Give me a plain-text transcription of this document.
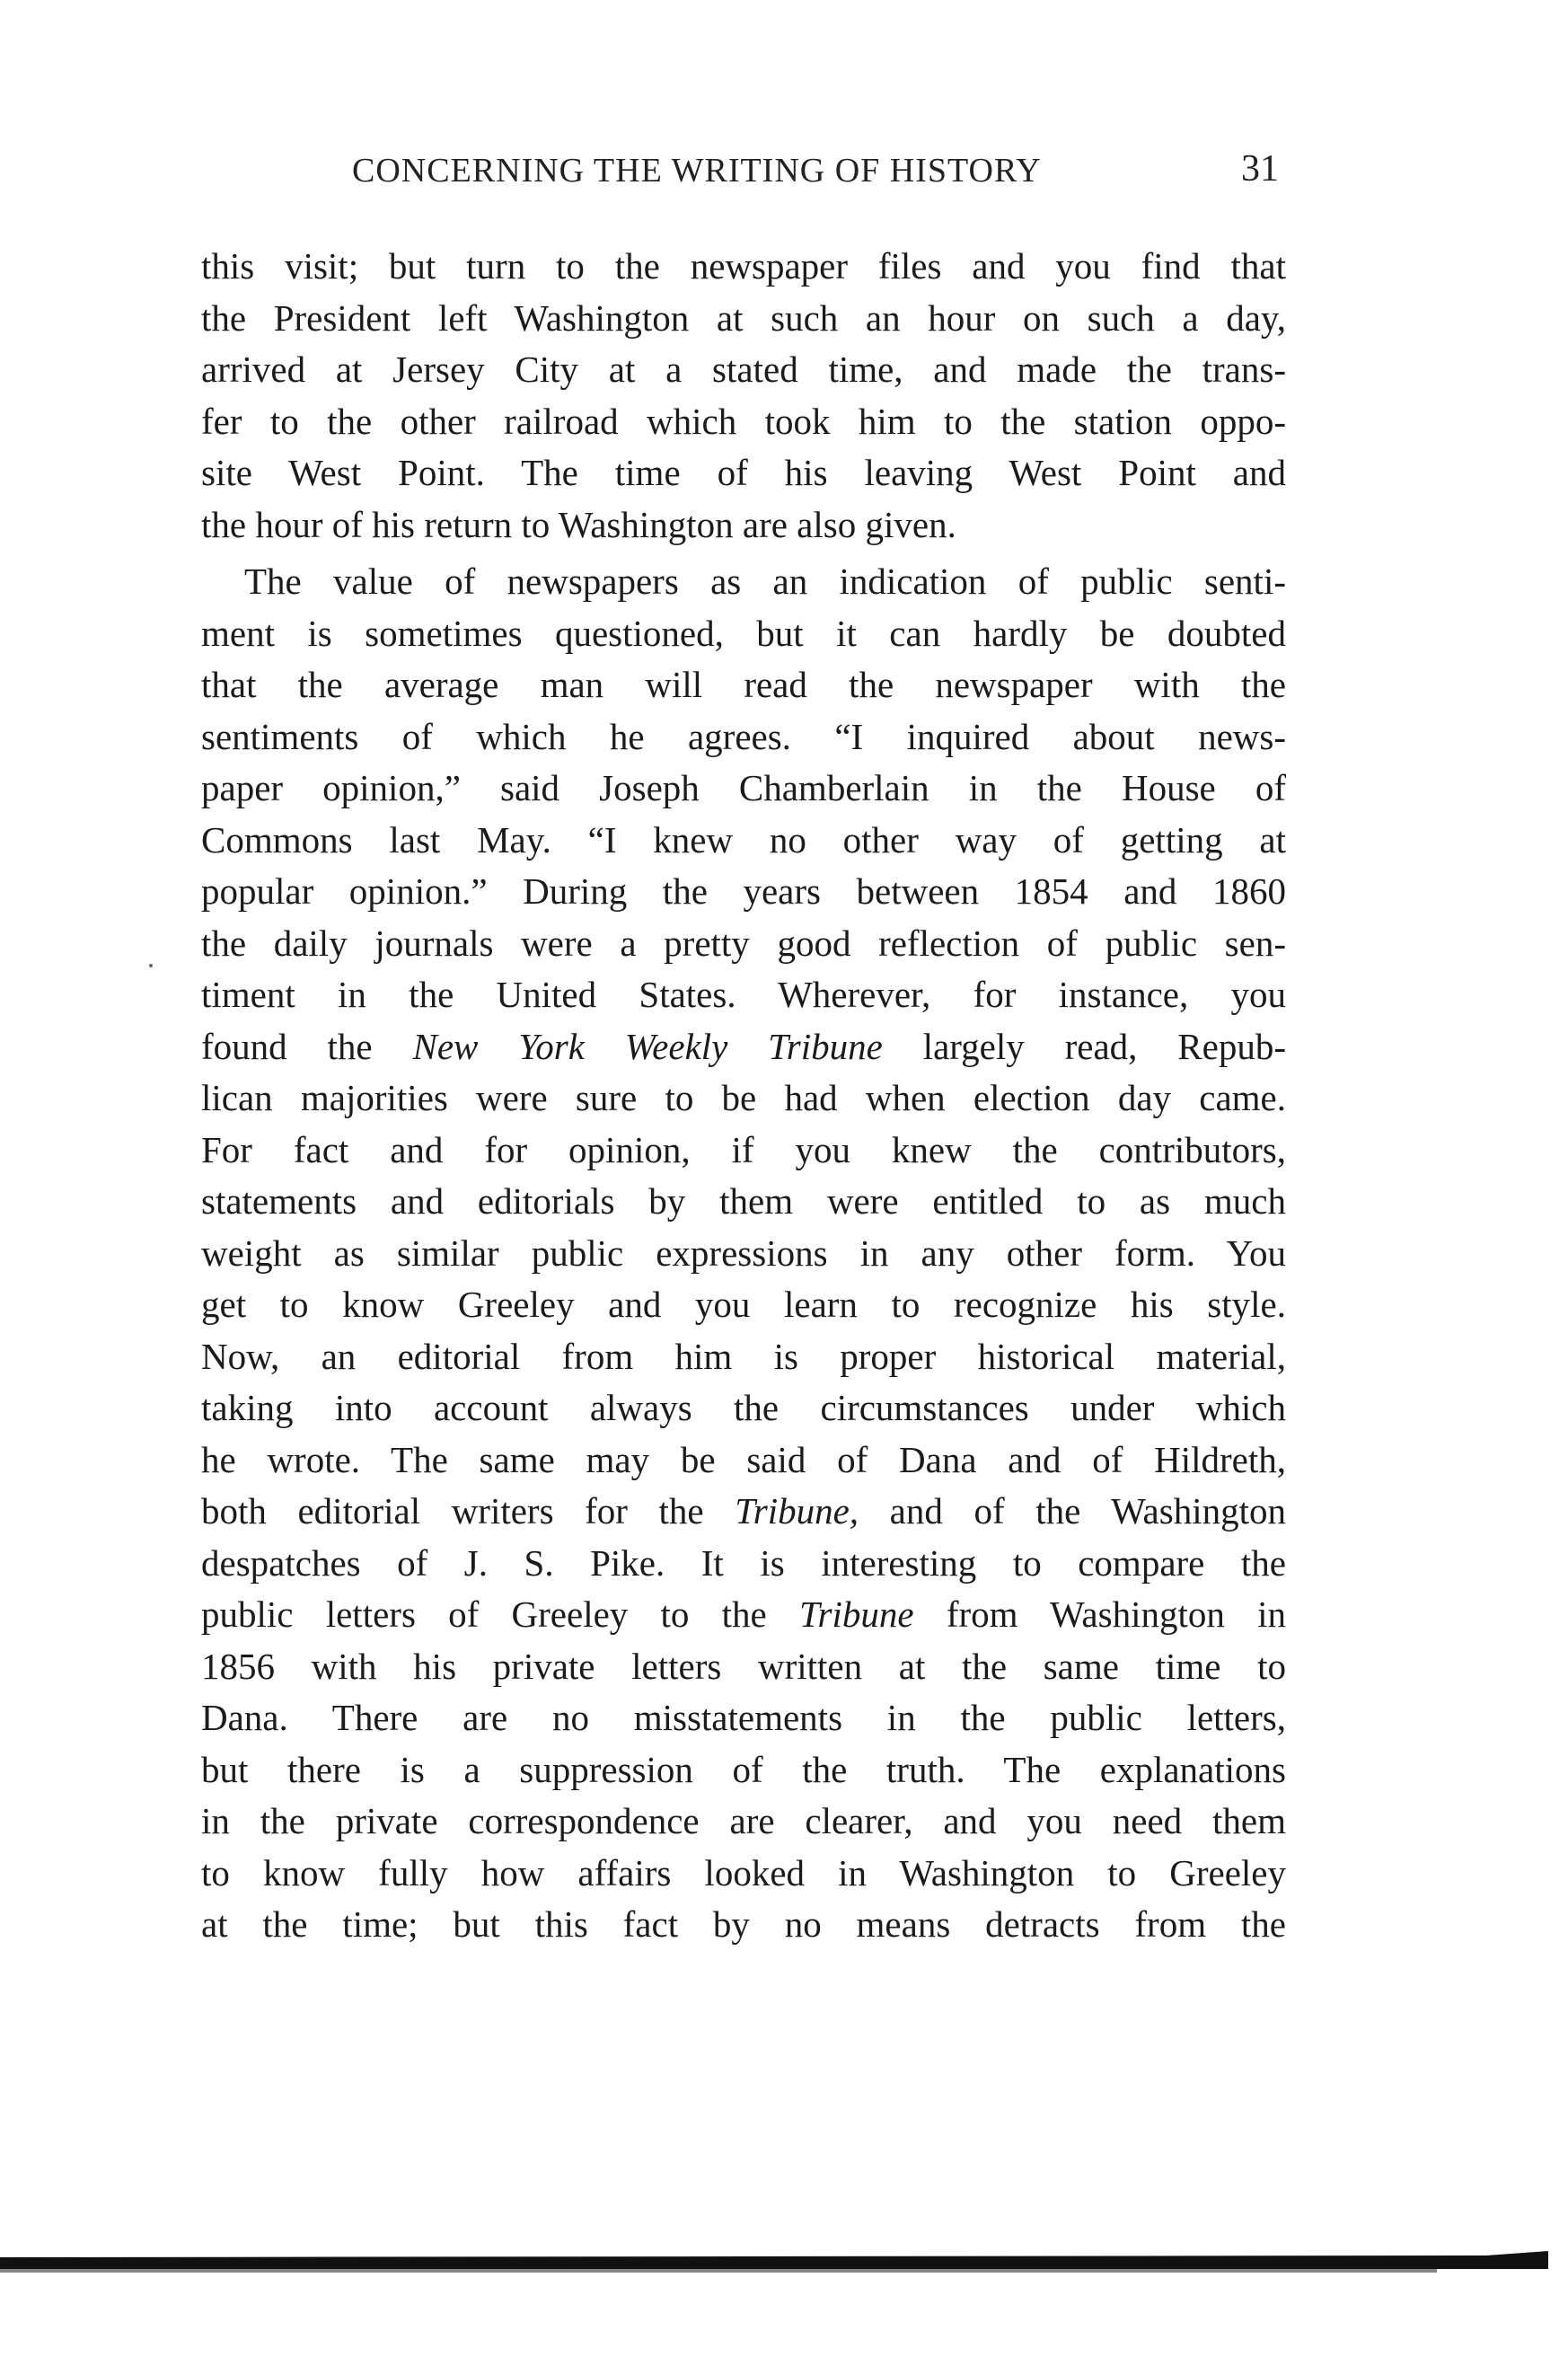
CONCERNING THE WRITING OF HISTORY	31
this visit; but turn to the newspaper files and you find that
the President left Washington at such an hour on such a day,
arrived at Jersey City at a stated time, and made the trans-
fer to the other railroad which took him to the station oppo-
site West Point. The time of his leaving West Point and
the hour of his return to Washington are also given.
The value of newspapers as an indication of public senti-
ment is sometimes questioned, but it can hardly be doubted
that the average man will read the newspaper with the
sentiments of which he agrees. “I inquired about news-
paper opinion,” said Joseph Chamberlain in the House of
Commons last May. “I knew no other way of getting at
popular opinion.” During the years between 1854 and 1860
the daily journals were a pretty good reflection of public sen-
timent in the United States. Wherever, for instance, you
found the New York Weekly Tribune largely read, Repub-
lican majorities were sure to be had when election day came.
For fact and for opinion, if you knew the contributors,
statements and editorials by them were entitled to as much
weight as similar public expressions in any other form. You
get to know Greeley and you learn to recognize his style.
Now, an editorial from him is proper historical material,
taking into account always the circumstances under which
he wrote. The same may be said of Dana and of Hildreth,
both editorial writers for the Tribune, and of the Washington
despatches of J. S. Pike. It is interesting to compare the
public letters of Greeley to the Tribune from Washington in
1856 with his private letters written at the same time to
Dana. There are no misstatements in the public letters,
but there is a suppression of the truth. The explanations
in the private correspondence are clearer, and you need them
to know fully how affairs looked in Washington to Greeley
at the time; but this fact by no means detracts from the
